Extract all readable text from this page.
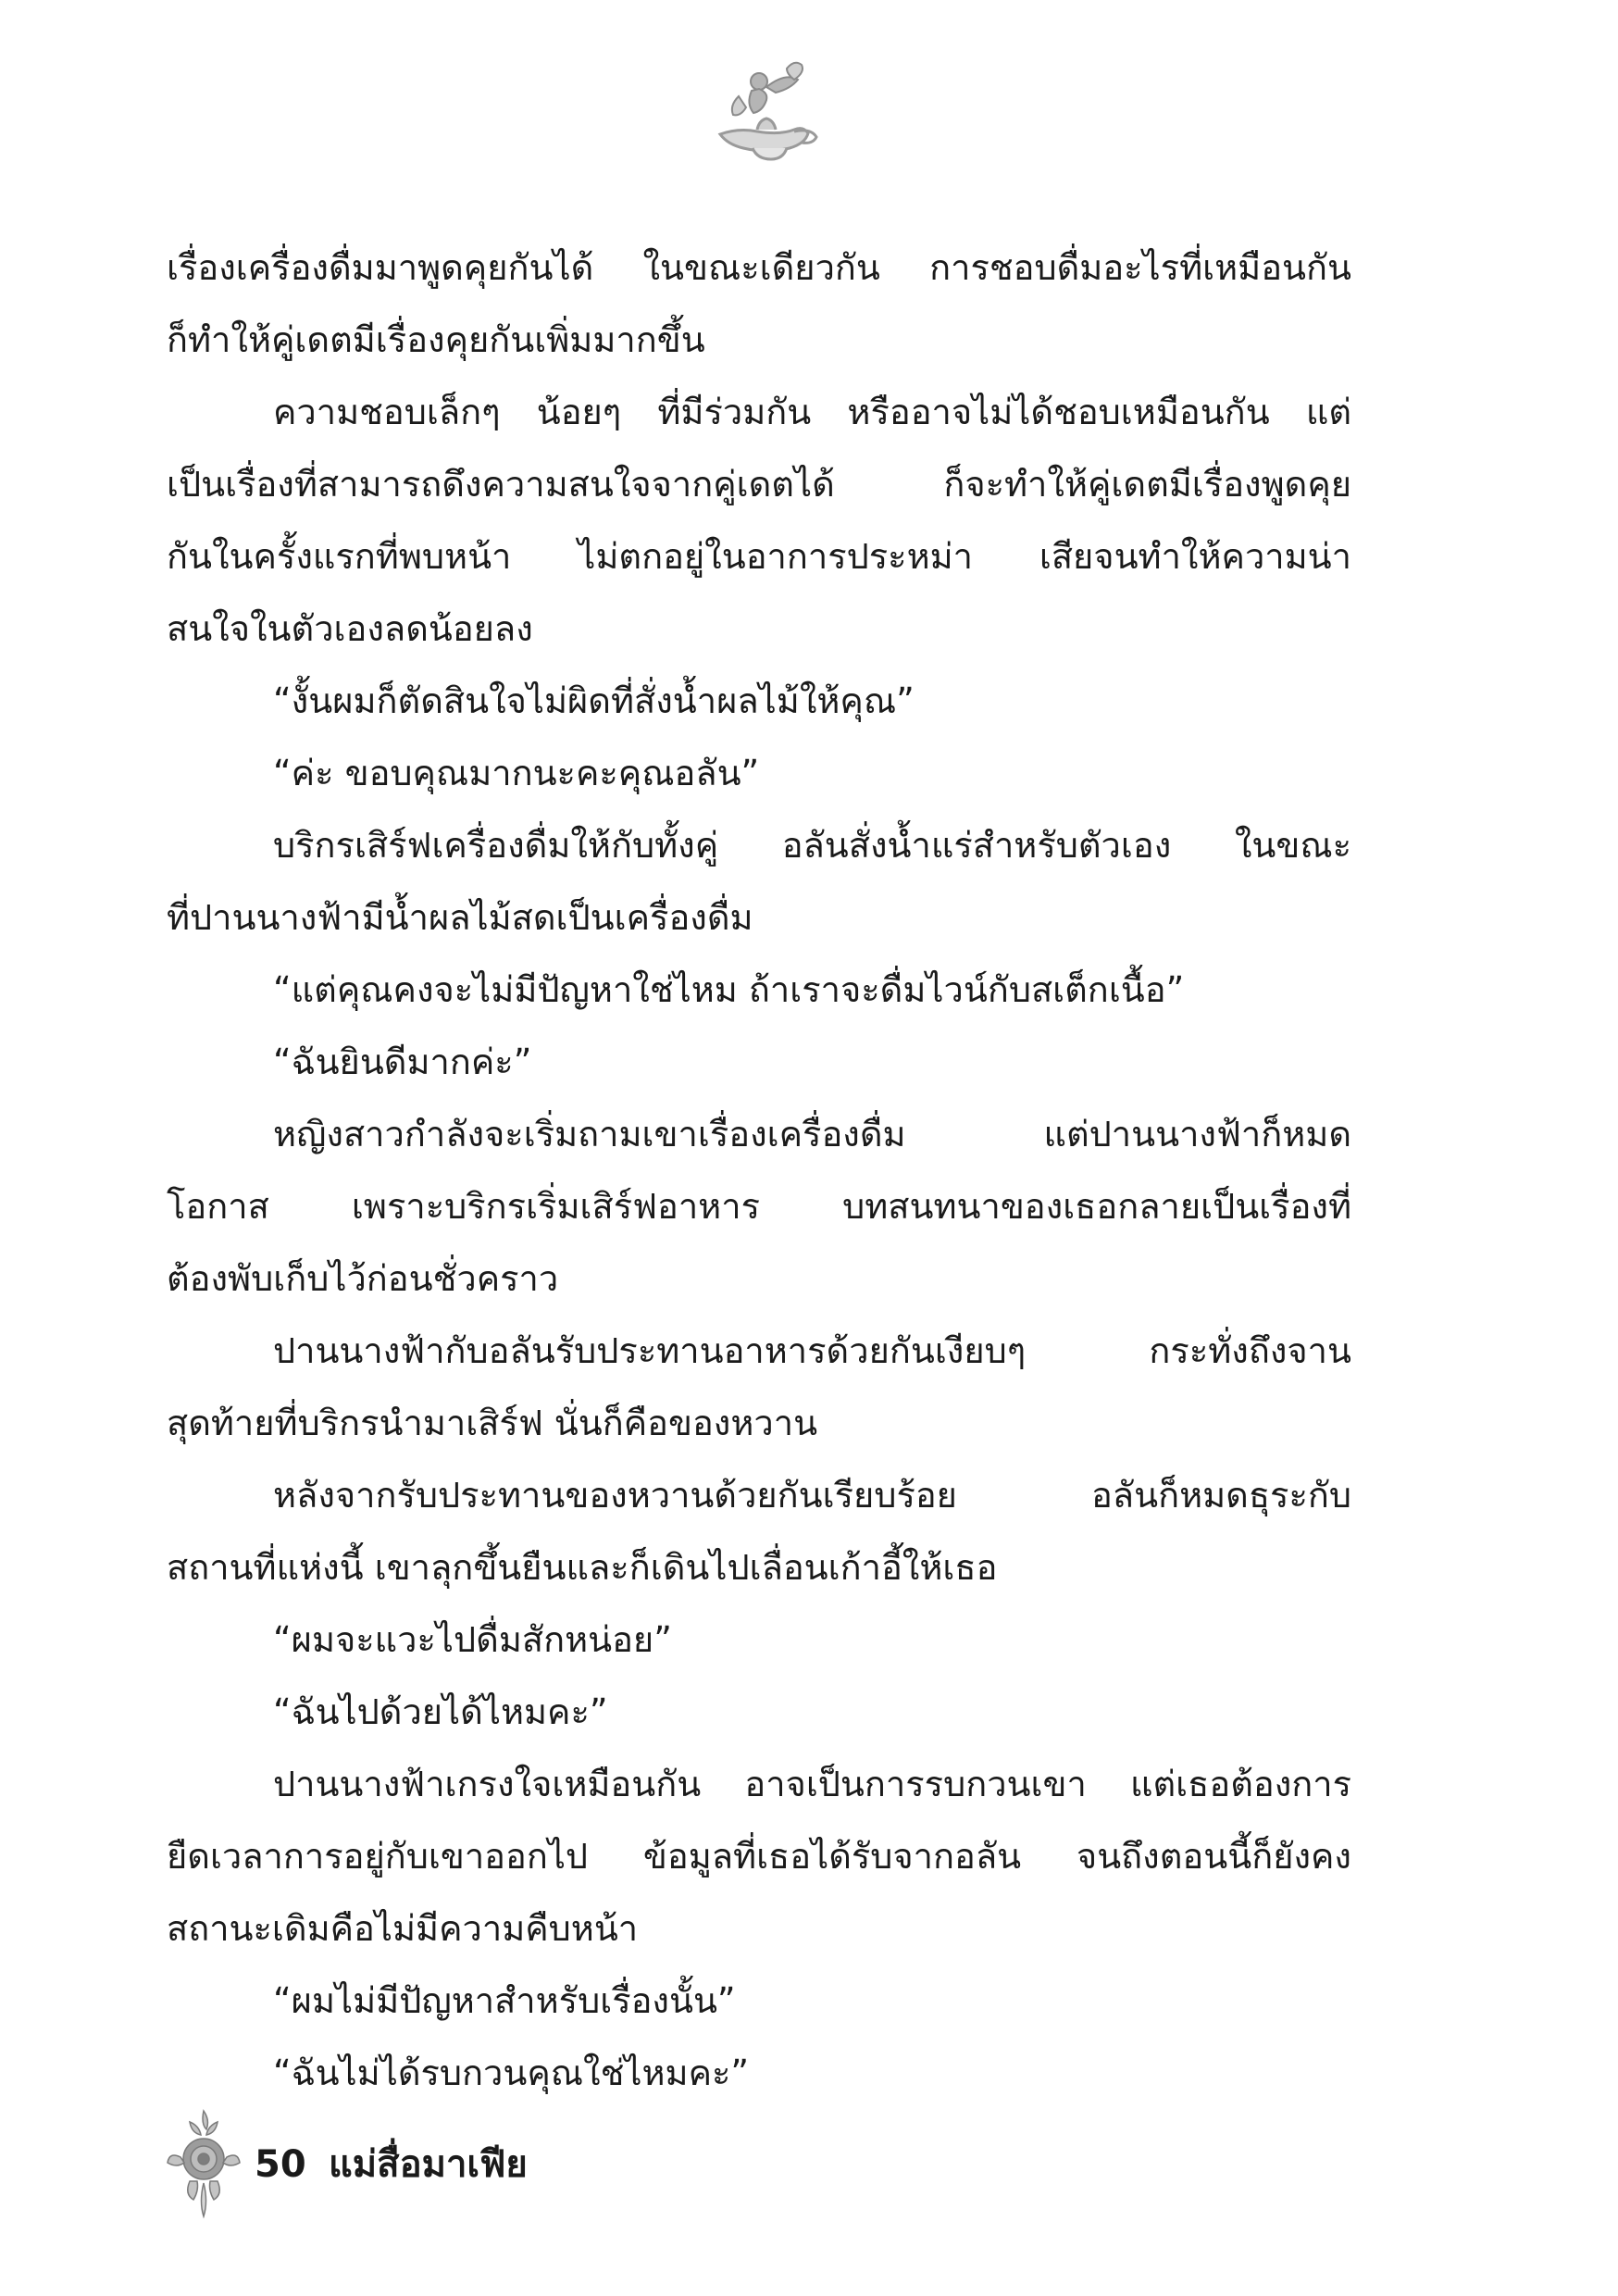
เรื่องเครื่องดื่มมาพูดคุยกันได้ ในขณะเดียวกัน การชอบดื่มอะไรที่เหมือนกัน
ก็ทำให้คู่เดตมีเรื่องคุยกันเพิ่มมากขึ้น
ความชอบเล็กๆ น้อยๆ ที่มีร่วมกัน หรืออาจไม่ได้ชอบเหมือนกัน แต่
เป็นเรื่องที่สามารถดึงความสนใจจากคู่เดตได้ ก็จะทำให้คู่เดตมีเรื่องพูดคุย
กันในครั้งแรกที่พบหน้า ไม่ตกอยู่ในอาการประหม่า เสียจนทำให้ความน่า
สนใจในตัวเองลดน้อยลง
“งั้นผมก็ตัดสินใจไม่ผิดที่สั่งน้ำผลไม้ให้คุณ”
“ค่ะ ขอบคุณมากนะคะคุณอลัน”
บริกรเสิร์ฟเครื่องดื่มให้กับทั้งคู่ อลันสั่งน้ำแร่สำหรับตัวเอง ในขณะ
ที่ปานนางฟ้ามีน้ำผลไม้สดเป็นเครื่องดื่ม
“แต่คุณคงจะไม่มีปัญหาใช่ไหม ถ้าเราจะดื่มไวน์กับสเต็กเนื้อ”
“ฉันยินดีมากค่ะ”
หญิงสาวกำลังจะเริ่มถามเขาเรื่องเครื่องดื่ม แต่ปานนางฟ้าก็หมด
โอกาส เพราะบริกรเริ่มเสิร์ฟอาหาร บทสนทนาของเธอกลายเป็นเรื่องที่
ต้องพับเก็บไว้ก่อนชั่วคราว
ปานนางฟ้ากับอลันรับประทานอาหารด้วยกันเงียบๆ กระทั่งถึงจาน
สุดท้ายที่บริกรนำมาเสิร์ฟ นั่นก็คือของหวาน
หลังจากรับประทานของหวานด้วยกันเรียบร้อย อลันก็หมดธุระกับ
สถานที่แห่งนี้ เขาลุกขึ้นยืนและก็เดินไปเลื่อนเก้าอี้ให้เธอ
“ผมจะแวะไปดื่มสักหน่อย”
“ฉันไปด้วยได้ไหมคะ”
ปานนางฟ้าเกรงใจเหมือนกัน อาจเป็นการรบกวนเขา แต่เธอต้องการ
ยืดเวลาการอยู่กับเขาออกไป ข้อมูลที่เธอได้รับจากอลัน จนถึงตอนนี้ก็ยังคง
สถานะเดิมคือไม่มีความคืบหน้า
“ผมไม่มีปัญหาสำหรับเรื่องนั้น”
“ฉันไม่ได้รบกวนคุณใช่ไหมคะ”
50 แม่สื่อมาเฟีย
